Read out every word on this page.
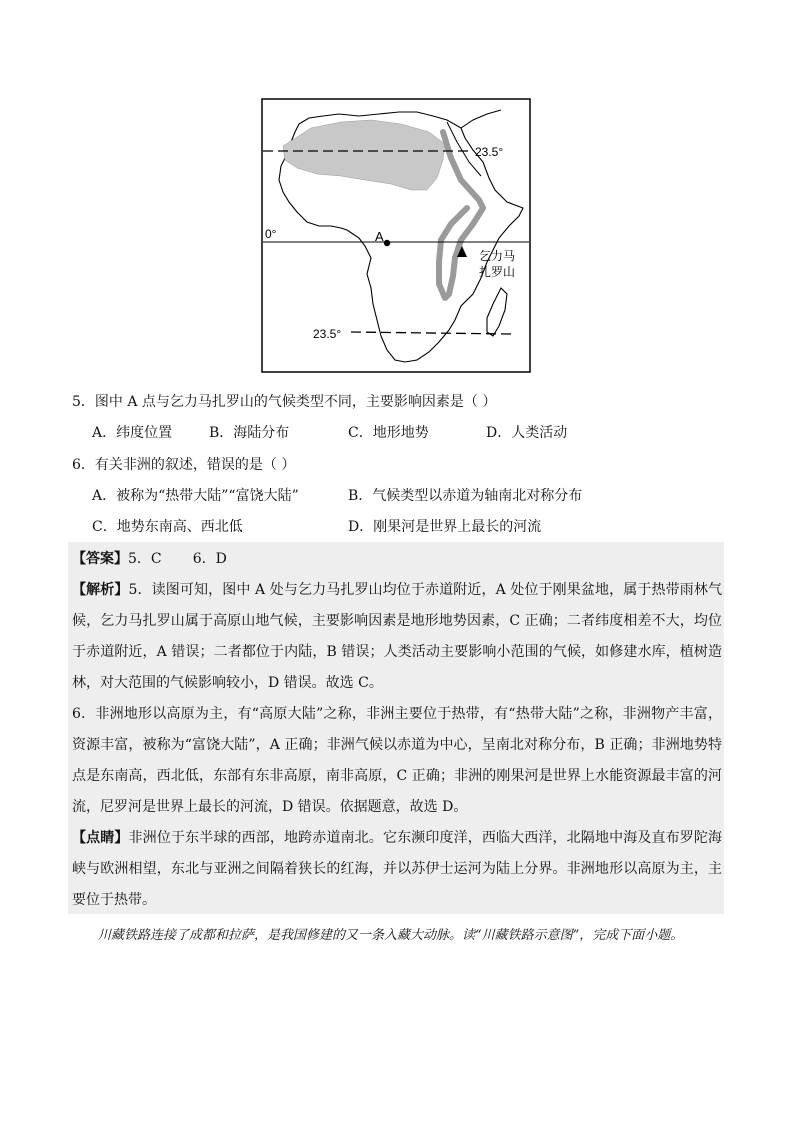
A
乞力马
扎罗山
0°
23.5°
23.5°
5．图中 A 点与乞力马扎罗山的气候类型不同，主要影响因素是（ ）
A．纬度位置	B．海陆分布	C．地形地势	D．人类活动
6．有关非洲的叙述，错误的是（ ）
A．被称为“热带大陆”“富饶大陆”	B．气候类型以赤道为轴南北对称分布
C．地势东南高、西北低	D．刚果河是世界上最长的河流
【答案】5．C       6．D
【解析】5．读图可知，图中 A 处与乞力马扎罗山均位于赤道附近，A 处位于刚果盆地，属于热带雨林气候，乞力马扎罗山属于高原山地气候，主要影响因素是地形地势因素，C 正确；二者纬度相差不大，均位于赤道附近，A 错误；二者都位于内陆，B 错误；人类活动主要影响小范围的气候，如修建水库，植树造林，对大范围的气候影响较小，D 错误。故选 C。
6．非洲地形以高原为主，有“高原大陆”之称，非洲主要位于热带，有“热带大陆”之称，非洲物产丰富，资源丰富，被称为“富饶大陆”，A 正确；非洲气候以赤道为中心，呈南北对称分布，B 正确；非洲地势特点是东南高，西北低，东部有东非高原，南非高原，C 正确；非洲的刚果河是世界上水能资源最丰富的河流，尼罗河是世界上最长的河流，D 错误。依据题意，故选 D。
【点睛】非洲位于东半球的西部，地跨赤道南北。它东濒印度洋，西临大西洋，北隔地中海及直布罗陀海峡与欧洲相望，东北与亚洲之间隔着狭长的红海，并以苏伊士运河为陆上分界。非洲地形以高原为主，主要位于热带。
川藏铁路连接了成都和拉萨，是我国修建的又一条入藏大动脉。读“川藏铁路示意图”，完成下面小题。
